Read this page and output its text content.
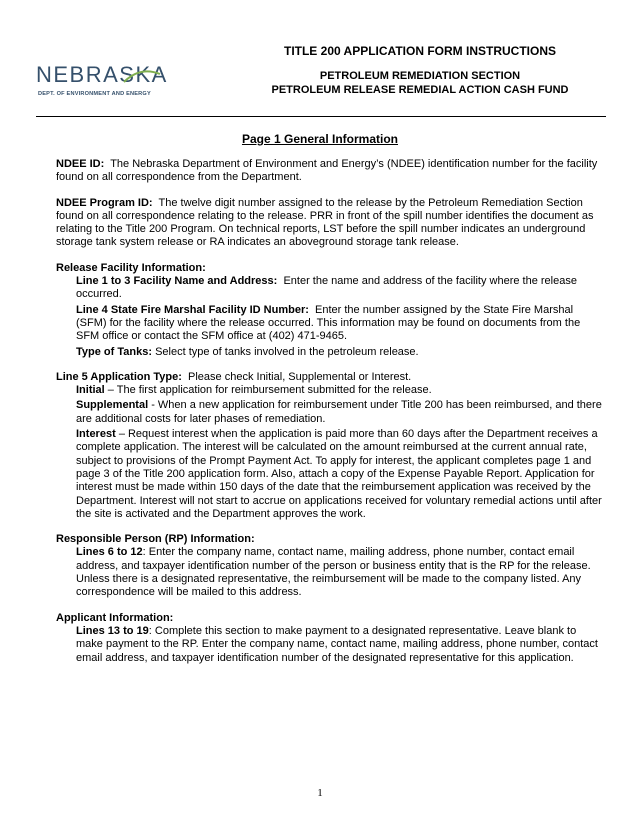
NEBRASKA
DEPT. OF ENVIRONMENT AND ENERGY
TITLE 200 APPLICATION FORM INSTRUCTIONS
PETROLEUM REMEDIATION SECTION
PETROLEUM RELEASE REMEDIAL ACTION CASH FUND
Page 1 General Information

NDEE ID: The Nebraska Department of Environment and Energy’s (NDEE) identification number for the facility found on all correspondence from the Department.

NDEE Program ID: The twelve digit number assigned to the release by the Petroleum Remediation Section found on all correspondence relating to the release. PRR in front of the spill number identifies the document as relating to the Title 200 Program. On technical reports, LST before the spill number indicates an underground storage tank system release or RA indicates an aboveground storage tank release.

Release Facility Information:

Line 1 to 3 Facility Name and Address: Enter the name and address of the facility where the release occurred.

Line 4 State Fire Marshal Facility ID Number: Enter the number assigned by the State Fire Marshal (SFM) for the facility where the release occurred. This information may be found on documents from the SFM office or contact the SFM office at (402) 471-9465.

Type of Tanks: Select type of tanks involved in the petroleum release.

Line 5 Application Type: Please check Initial, Supplemental or Interest.

Initial – The first application for reimbursement submitted for the release.

Supplemental - When a new application for reimbursement under Title 200 has been reimbursed, and there are additional costs for later phases of remediation.

Interest – Request interest when the application is paid more than 60 days after the Department receives a complete application. The interest will be calculated on the amount reimbursed at the current annual rate, subject to provisions of the Prompt Payment Act. To apply for interest, the applicant completes page 1 and page 3 of the Title 200 application form. Also, attach a copy of the Expense Payable Report. Application for interest must be made within 150 days of the date that the reimbursement application was received by the Department. Interest will not start to accrue on applications received for voluntary remedial actions until after the site is activated and the Department approves the work.

Responsible Person (RP) Information:

Lines 6 to 12: Enter the company name, contact name, mailing address, phone number, contact email address, and taxpayer identification number of the person or business entity that is the RP for the release. Unless there is a designated representative, the reimbursement will be made to the company listed. Any correspondence will be mailed to this address.

Applicant Information:

Lines 13 to 19: Complete this section to make payment to a designated representative. Leave blank to make payment to the RP. Enter the company name, contact name, mailing address, phone number, contact email address, and taxpayer identification number of the designated representative for this application.

1
